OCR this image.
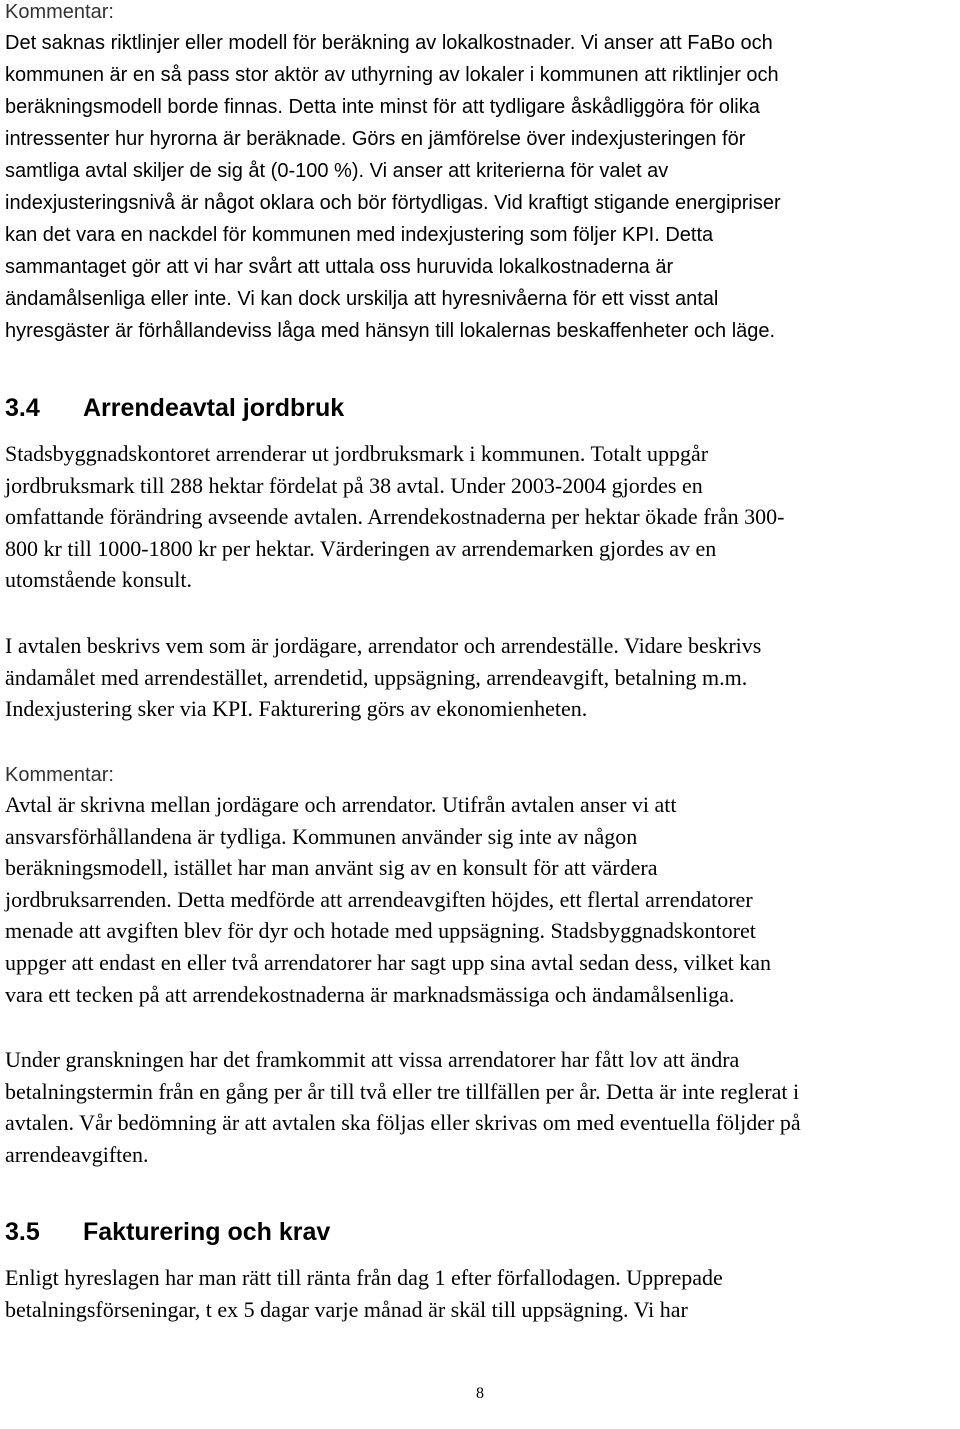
Kommentar:
Det saknas riktlinjer eller modell för beräkning av lokalkostnader. Vi anser att FaBo och
kommunen är en så pass stor aktör av uthyrning av lokaler i kommunen att riktlinjer och
beräkningsmodell borde finnas. Detta inte minst för att tydligare åskådliggöra för olika
intressenter hur hyrorna är beräknade. Görs en jämförelse över indexjusteringen för
samtliga avtal skiljer de sig åt (0-100 %). Vi anser att kriterierna för valet av
indexjusteringsnivå är något oklara och bör förtydligas. Vid kraftigt stigande energipriser
kan det vara en nackdel för kommunen med indexjustering som följer KPI. Detta
sammantaget gör att vi har svårt att uttala oss huruvida lokalkostnaderna är
ändamålsenliga eller inte. Vi kan dock urskilja att hyresnivåerna för ett visst antal
hyresgäster är förhållandeviss låga med hänsyn till lokalernas beskaffenheter och läge.
3.4 Arrendeavtal jordbruk
Stadsbyggnadskontoret arrenderar ut jordbruksmark i kommunen. Totalt uppgår
jordbruksmark till 288 hektar fördelat på 38 avtal. Under 2003-2004 gjordes en
omfattande förändring avseende avtalen. Arrendekostnaderna per hektar ökade från 300-
800 kr till 1000-1800 kr per hektar. Värderingen av arrendemarken gjordes av en
utomstående konsult.
I avtalen beskrivs vem som är jordägare, arrendator och arrendeställe. Vidare beskrivs
ändamålet med arrendestället, arrendetid, uppsägning, arrendeavgift, betalning m.m.
Indexjustering sker via KPI. Fakturering görs av ekonomienheten.
Kommentar:
Avtal är skrivna mellan jordägare och arrendator. Utifrån avtalen anser vi att
ansvarsförhållandena är tydliga. Kommunen använder sig inte av någon
beräkningsmodell, istället har man använt sig av en konsult för att värdera
jordbruksarrenden. Detta medförde att arrendeavgiften höjdes, ett flertal arrendatorer
menade att avgiften blev för dyr och hotade med uppsägning. Stadsbyggnadskontoret
uppger att endast en eller två arrendatorer har sagt upp sina avtal sedan dess, vilket kan
vara ett tecken på att arrendekostnaderna är marknadsmässiga och ändamålsenliga.
Under granskningen har det framkommit att vissa arrendatorer har fått lov att ändra
betalningstermin från en gång per år till två eller tre tillfällen per år. Detta är inte reglerat i
avtalen. Vår bedömning är att avtalen ska följas eller skrivas om med eventuella följder på
arrendeavgiften.
3.5 Fakturering och krav
Enligt hyreslagen har man rätt till ränta från dag 1 efter förfallodagen. Upprepade
betalningsförseningar, t ex 5 dagar varje månad är skäl till uppsägning. Vi har
8
